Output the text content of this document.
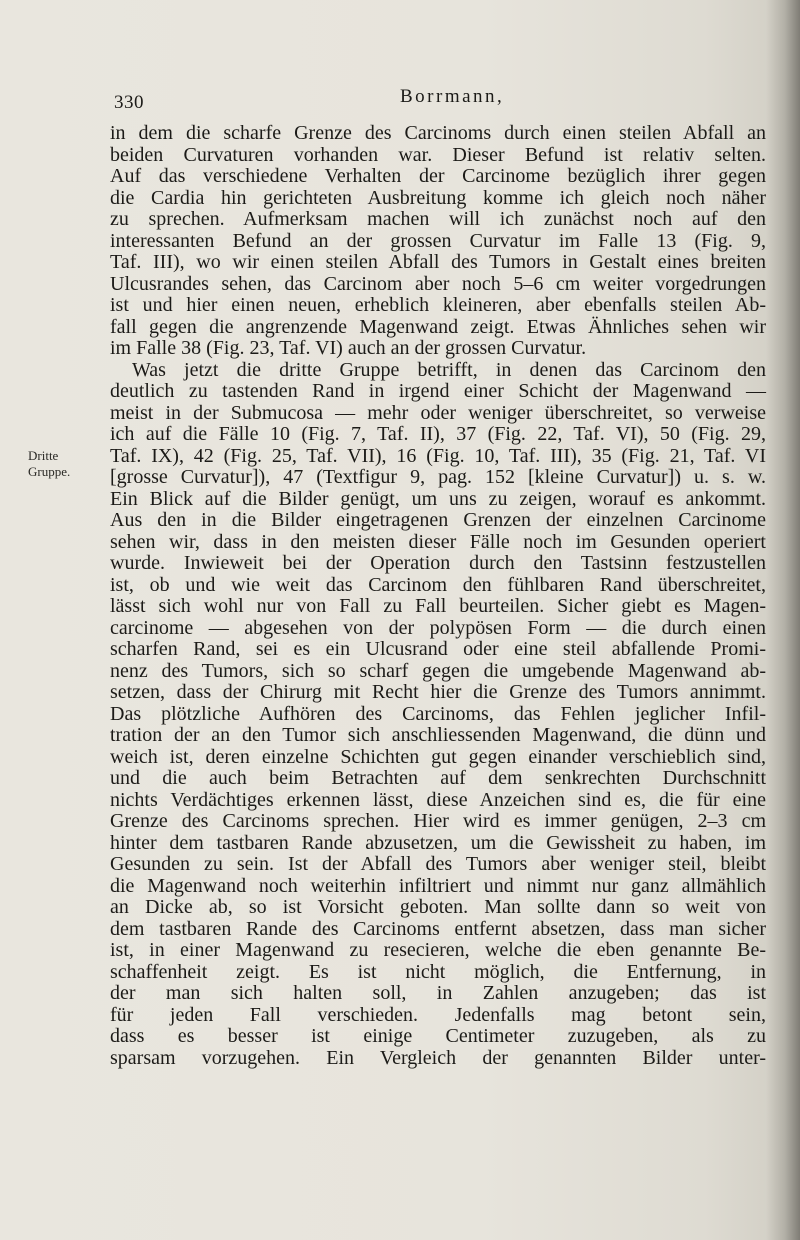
330	Borrmann,
Dritte
Gruppe.
in dem die scharfe Grenze des Carcinoms durch einen steilen Abfall an
beiden Curvaturen vorhanden war. Dieser Befund ist relativ selten.
Auf das verschiedene Verhalten der Carcinome bezüglich ihrer gegen
die Cardia hin gerichteten Ausbreitung komme ich gleich noch näher
zu sprechen. Aufmerksam machen will ich zunächst noch auf den
interessanten Befund an der grossen Curvatur im Falle 13 (Fig. 9,
Taf. III), wo wir einen steilen Abfall des Tumors in Gestalt eines breiten
Ulcusrandes sehen, das Carcinom aber noch 5–6 cm weiter vorgedrungen
ist und hier einen neuen, erheblich kleineren, aber ebenfalls steilen Ab-
fall gegen die angrenzende Magenwand zeigt. Etwas Ähnliches sehen wir
im Falle 38 (Fig. 23, Taf. VI) auch an der grossen Curvatur.
Was jetzt die dritte Gruppe betrifft, in denen das Carcinom den
deutlich zu tastenden Rand in irgend einer Schicht der Magenwand —
meist in der Submucosa — mehr oder weniger überschreitet, so verweise
ich auf die Fälle 10 (Fig. 7, Taf. II), 37 (Fig. 22, Taf. VI), 50 (Fig. 29,
Taf. IX), 42 (Fig. 25, Taf. VII), 16 (Fig. 10, Taf. III), 35 (Fig. 21, Taf. VI
[grosse Curvatur]), 47 (Textfigur 9, pag. 152 [kleine Curvatur]) u. s. w.
Ein Blick auf die Bilder genügt, um uns zu zeigen, worauf es ankommt.
Aus den in die Bilder eingetragenen Grenzen der einzelnen Carcinome
sehen wir, dass in den meisten dieser Fälle noch im Gesunden operiert
wurde. Inwieweit bei der Operation durch den Tastsinn festzustellen
ist, ob und wie weit das Carcinom den fühlbaren Rand überschreitet,
lässt sich wohl nur von Fall zu Fall beurteilen. Sicher giebt es Magen-
carcinome — abgesehen von der polypösen Form — die durch einen
scharfen Rand, sei es ein Ulcusrand oder eine steil abfallende Promi-
nenz des Tumors, sich so scharf gegen die umgebende Magenwand ab-
setzen, dass der Chirurg mit Recht hier die Grenze des Tumors annimmt.
Das plötzliche Aufhören des Carcinoms, das Fehlen jeglicher Infil-
tration der an den Tumor sich anschliessenden Magenwand, die dünn und
weich ist, deren einzelne Schichten gut gegen einander verschieblich sind,
und die auch beim Betrachten auf dem senkrechten Durchschnitt
nichts Verdächtiges erkennen lässt, diese Anzeichen sind es, die für eine
Grenze des Carcinoms sprechen. Hier wird es immer genügen, 2–3 cm
hinter dem tastbaren Rande abzusetzen, um die Gewissheit zu haben, im
Gesunden zu sein. Ist der Abfall des Tumors aber weniger steil, bleibt
die Magenwand noch weiterhin infiltriert und nimmt nur ganz allmählich
an Dicke ab, so ist Vorsicht geboten. Man sollte dann so weit von
dem tastbaren Rande des Carcinoms entfernt absetzen, dass man sicher
ist, in einer Magenwand zu resecieren, welche die eben genannte Be-
schaffenheit zeigt. Es ist nicht möglich, die Entfernung, in
der man sich halten soll, in Zahlen anzugeben; das ist
für jeden Fall verschieden. Jedenfalls mag betont sein,
dass es besser ist einige Centimeter zuzugeben, als zu
sparsam vorzugehen. Ein Vergleich der genannten Bilder unter-
